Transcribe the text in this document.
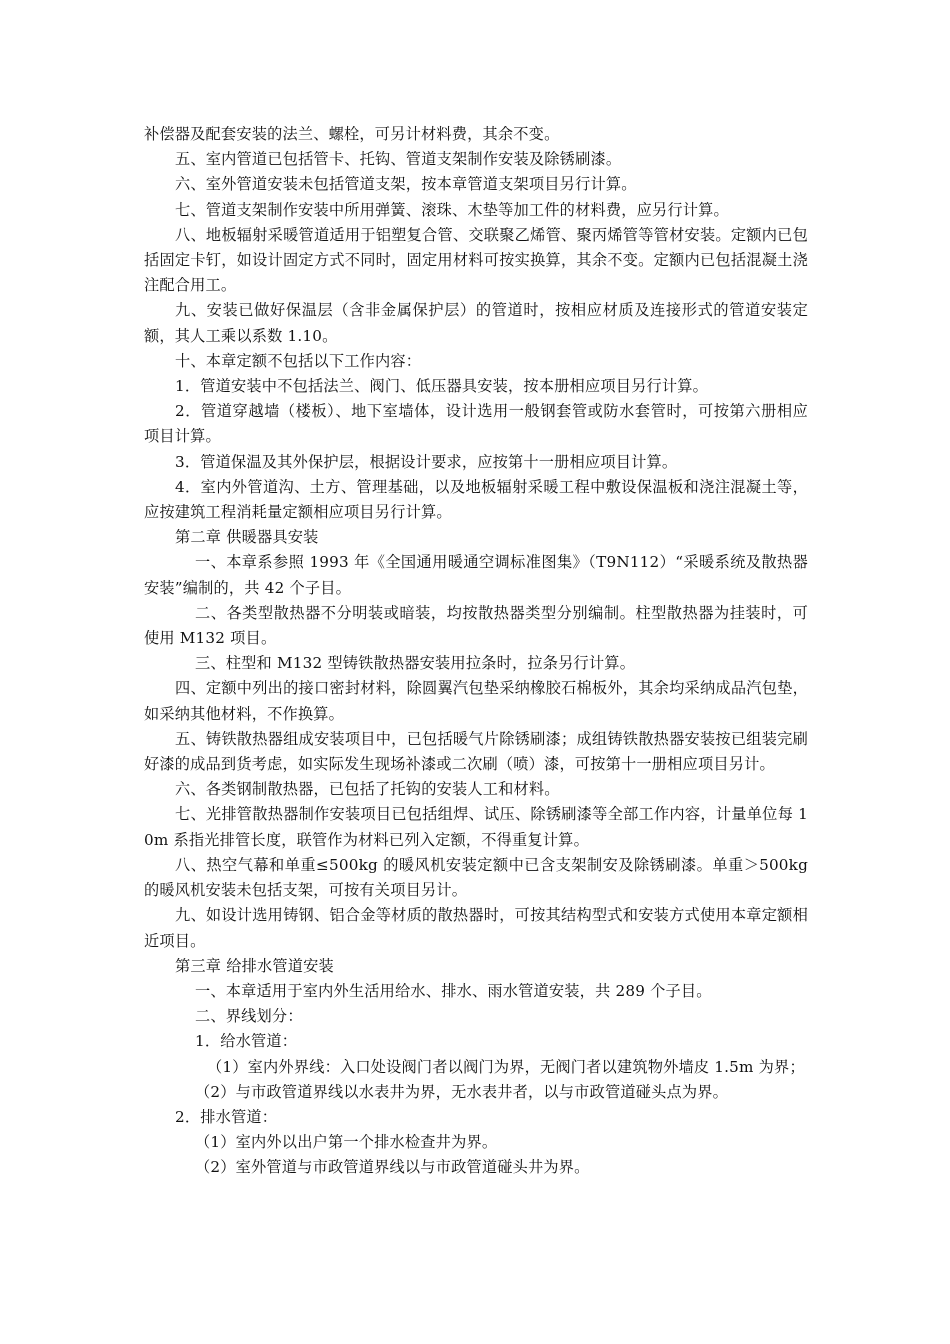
补偿器及配套安装的法兰、螺栓，可另计材料费，其余不变。

五、室内管道已包括管卡、托钩、管道支架制作安装及除锈刷漆。

六、室外管道安装未包括管道支架，按本章管道支架项目另行计算。

七、管道支架制作安装中所用弹簧、滚珠、木垫等加工件的材料费，应另行计算。

八、地板辐射采暖管道适用于铝塑复合管、交联聚乙烯管、聚丙烯管等管材安装。定额内已包括固定卡钉，如设计固定方式不同时，固定用材料可按实换算，其余不变。定额内已包括混凝土浇注配合用工。

九、安装已做好保温层（含非金属保护层）的管道时，按相应材质及连接形式的管道安装定额，其人工乘以系数 1.10。

十、本章定额不包括以下工作内容：

1．管道安装中不包括法兰、阀门、低压器具安装，按本册相应项目另行计算。

2．管道穿越墙（楼板）、地下室墙体，设计选用一般钢套管或防水套管时，可按第六册相应项目计算。

3．管道保温及其外保护层，根据设计要求，应按第十一册相应项目计算。

4．室内外管道沟、土方、管理基础，以及地板辐射采暖工程中敷设保温板和浇注混凝土等，应按建筑工程消耗量定额相应项目另行计算。

第二章 供暖器具安装

一、本章系参照 1993 年《全国通用暖通空调标准图集》（T9N112）“采暖系统及散热器安装”编制的，共 42 个子目。

二、各类型散热器不分明装或暗装，均按散热器类型分别编制。柱型散热器为挂装时，可使用 M132 项目。

三、柱型和 M132 型铸铁散热器安装用拉条时，拉条另行计算。

四、定额中列出的接口密封材料，除圆翼汽包垫采纳橡胶石棉板外，其余均采纳成品汽包垫，如采纳其他材料，不作换算。

五、铸铁散热器组成安装项目中，已包括暖气片除锈刷漆；成组铸铁散热器安装按已组装完刷好漆的成品到货考虑，如实际发生现场补漆或二次刷（喷）漆，可按第十一册相应项目另计。

六、各类钢制散热器，已包括了托钩的安装人工和材料。

七、光排管散热器制作安装项目已包括组焊、试压、除锈刷漆等全部工作内容，计量单位每 10m 系指光排管长度，联管作为材料已列入定额，不得重复计算。

八、热空气幕和单重≤500kg 的暖风机安装定额中已含支架制安及除锈刷漆。单重＞500kg 的暖风机安装未包括支架，可按有关项目另计。

九、如设计选用铸钢、铝合金等材质的散热器时，可按其结构型式和安装方式使用本章定额相近项目。

第三章 给排水管道安装

一、本章适用于室内外生活用给水、排水、雨水管道安装，共 289 个子目。

二、界线划分：

1．给水管道：

（1）室内外界线：入口处设阀门者以阀门为界，无阀门者以建筑物外墙皮 1.5m 为界；

（2）与市政管道界线以水表井为界，无水表井者，以与市政管道碰头点为界。

2．排水管道：

（1）室内外以出户第一个排水检查井为界。

（2）室外管道与市政管道界线以与市政管道碰头井为界。
